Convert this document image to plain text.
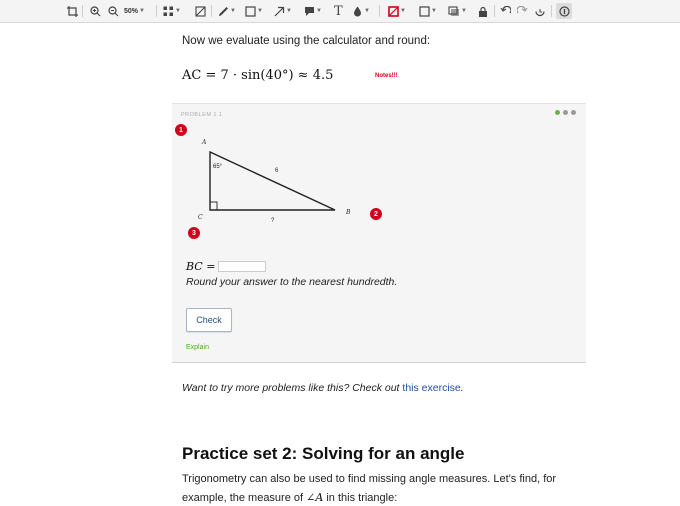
50% ▼	▼	▼	▼	▼	▼ T	▼	▼	▼	▼
Now we evaluate using the calculator and round:
AC = 7 · sin(40°) ≈ 4.5	Notes!!!
PROBLEM 1.1
A
B
C
65°
6
?
1
2
3
BC =
Round your answer to the nearest hundredth.
Check
Explain
Want to try more problems like this? Check out this exercise.
Practice set 2: Solving for an angle
Trigonometry can also be used to find missing angle measures. Let's find, for
example, the measure of ∠A in this triangle:
